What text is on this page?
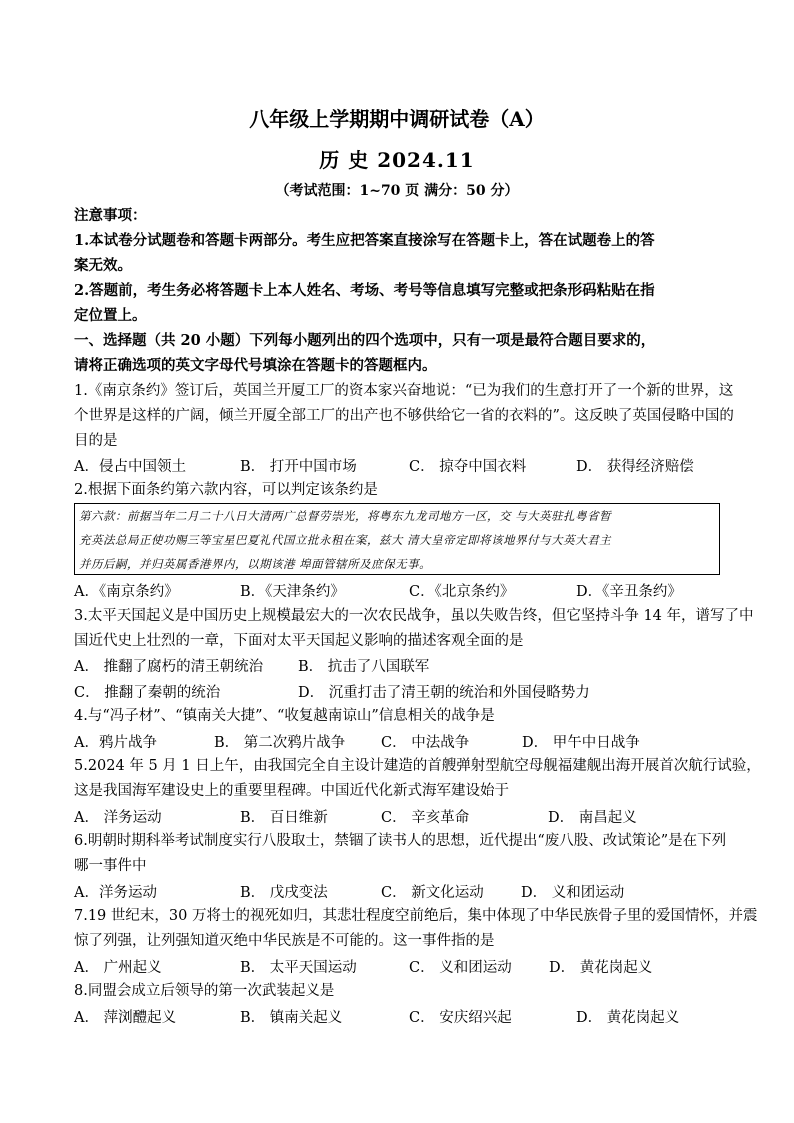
八年级上学期期中调研试卷（A）
历 史 2024.11
（考试范围：1~70 页 满分：50 分）
注意事项：
1.本试卷分试题卷和答题卡两部分。考生应把答案直接涂写在答题卡上，答在试题卷上的答
案无效。
2.答题前，考生务必将答题卡上本人姓名、考场、考号等信息填写完整或把条形码粘贴在指
定位置上。
一、选择题（共 20 小题）下列每小题列出的四个选项中，只有一项是最符合题目要求的，
请将正确选项的英文字母代号填涂在答题卡的答题框内。
1.《南京条约》签订后，英国兰开厦工厂的资本家兴奋地说：“已为我们的生意打开了一个新的世界，这
个世界是这样的广阔，倾兰开厦全部工厂的出产也不够供给它一省的衣料的”。这反映了英国侵略中国的
目的是
A．侵占中国领土	B． 打开中国市场	C． 掠夺中国衣料	D． 获得经济赔偿
2.根据下面条约第六款内容，可以判定该条约是

第六款：前据当年二月二十八日大清两广总督劳崇光，将粤东九龙司地方一区，交 与大英驻扎粤省暂

充英法总局正使功赐三等宝星巴夏礼代国立批永租在案，兹大 清大皇帝定即将该地界付与大英大君主

并历后嗣，并归英属香港界内，以期该港 埠面管辖所及庶保无事。

A．《南京条约》	B．《天津条约》	C．《北京条约》	D．《辛丑条约》
3.太平天国起义是中国历史上规模最宏大的一次农民战争，虽以失败告终，但它坚持斗争 14 年，谱写了中
国近代史上壮烈的一章，下面对太平天国起义影响的描述客观全面的是
A． 推翻了腐朽的清王朝统治 B． 抗击了八国联军
C． 推翻了秦朝的统治	D． 沉重打击了清王朝的统治和外国侵略势力
4.与“冯子材”、“镇南关大捷”、“收复越南谅山”信息相关的战争是
A．鸦片战争	B． 第二次鸦片战争 C． 中法战争	D． 甲午中日战争
5.2024 年 5 月 1 日上午，由我国完全自主设计建造的首艘弹射型航空母舰福建舰出海开展首次航行试验，
这是我国海军建设史上的重要里程碑。中国近代化新式海军建设始于
A． 洋务运动	B． 百日维新	C． 辛亥革命	D． 南昌起义
6.明朝时期科举考试制度实行八股取士，禁锢了读书人的思想，近代提出“废八股、改试策论”是在下列
哪一事件中
A．洋务运动	B． 戊戌变法	C． 新文化运动	D． 义和团运动
7.19 世纪末，30 万将士的视死如归，其悲壮程度空前绝后，集中体现了中华民族骨子里的爱国情怀，并震
惊了列强，让列强知道灭绝中华民族是不可能的。这一事件指的是
A． 广州起义	B． 太平天国运动	C． 义和团运动	D． 黄花岗起义
8.同盟会成立后领导的第一次武装起义是
A． 萍浏醴起义	B． 镇南关起义	C． 安庆绍兴起	D． 黄花岗起义
